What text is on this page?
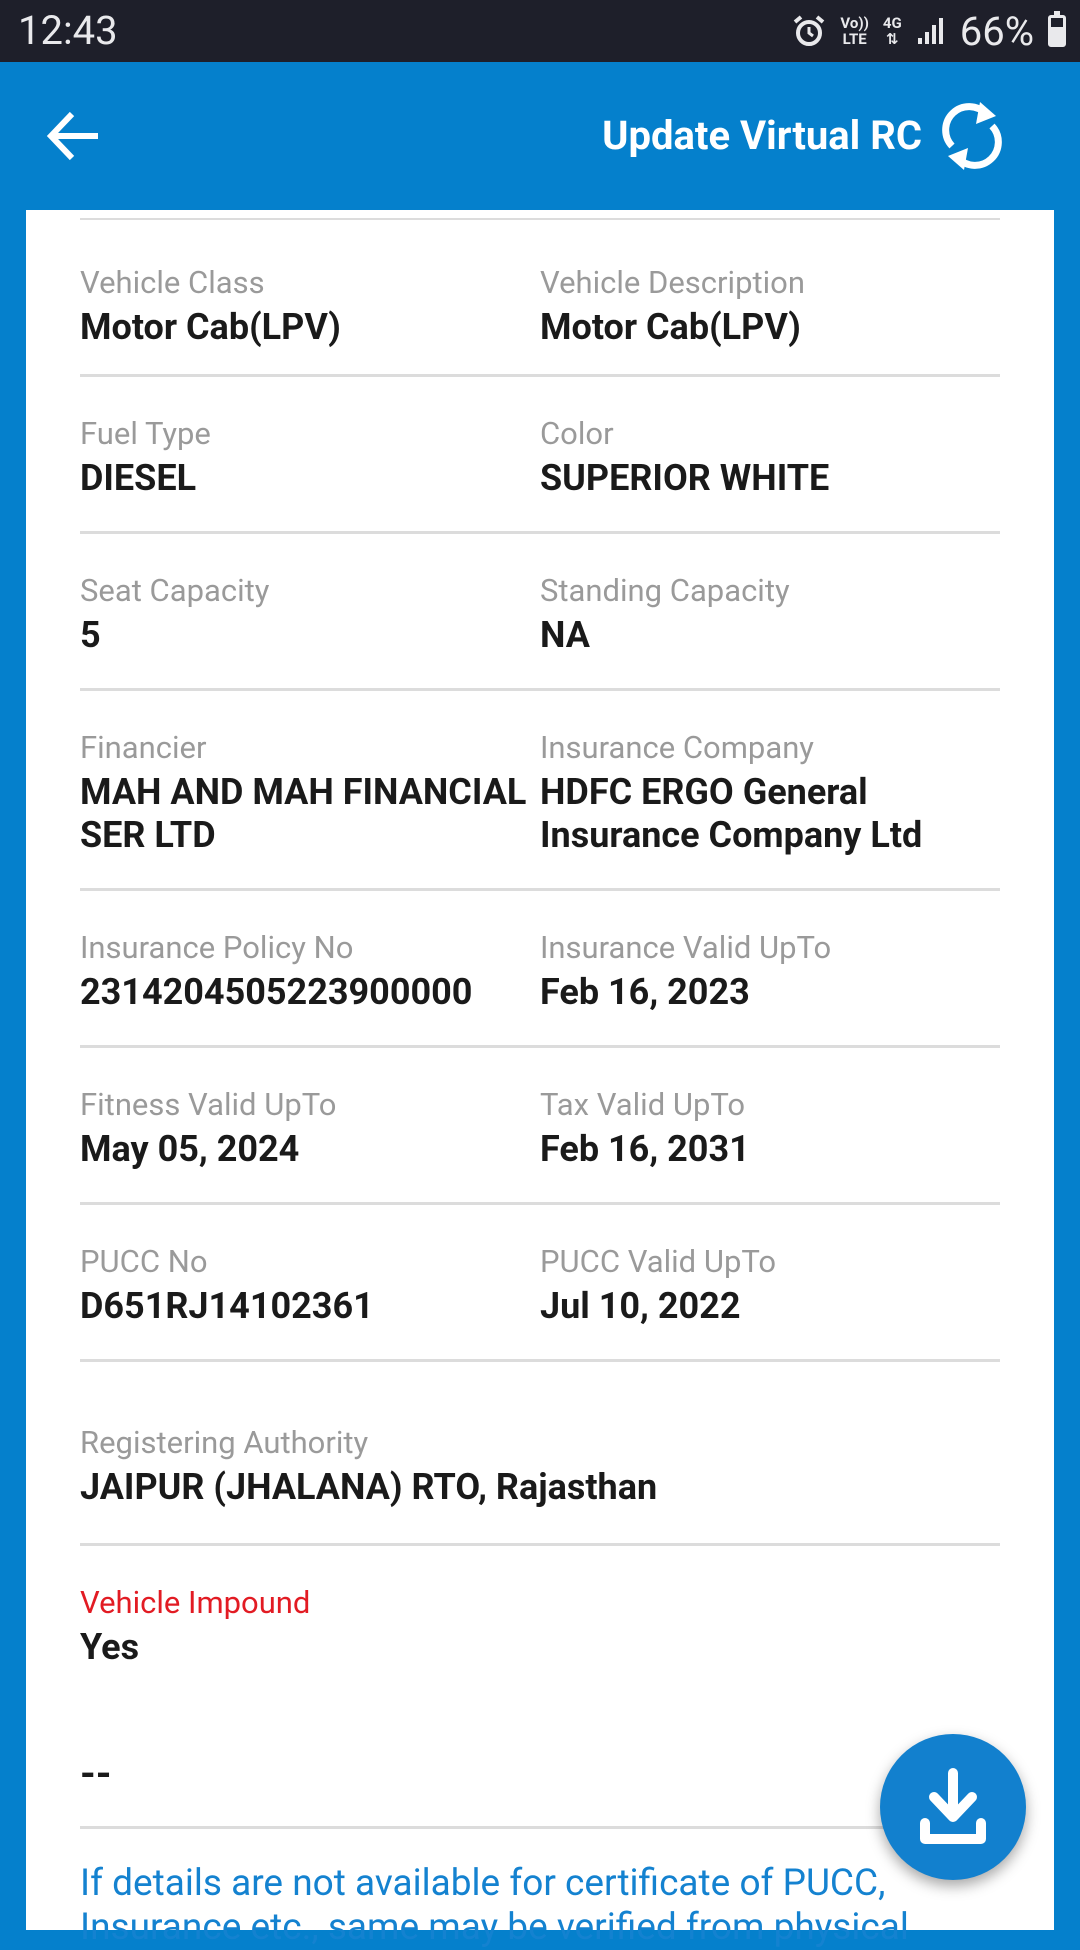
12:43	Vo))
LTE
4G
⇅ 66%
Update Virtual RC
Vehicle Class
Motor Cab(LPV)
Vehicle Description
Motor Cab(LPV)
Fuel Type
DIESEL
Color
SUPERIOR WHITE
Seat Capacity
5
Standing Capacity
NA
Financier
MAH AND MAH FINANCIAL SER LTD
Insurance Company
HDFC ERGO General Insurance Company Ltd
Insurance Policy No
2314204505223900000
Insurance Valid UpTo
Feb 16, 2023
Fitness Valid UpTo
May 05, 2024
Tax Valid UpTo
Feb 16, 2031
PUCC No
D651RJ14102361
PUCC Valid UpTo
Jul 10, 2022
Registering Authority
JAIPUR (JHALANA) RTO, Rajasthan
Vehicle Impound
Yes
--
If details are not available for certificate of PUCC, Insurance etc., same may be verified from physical
